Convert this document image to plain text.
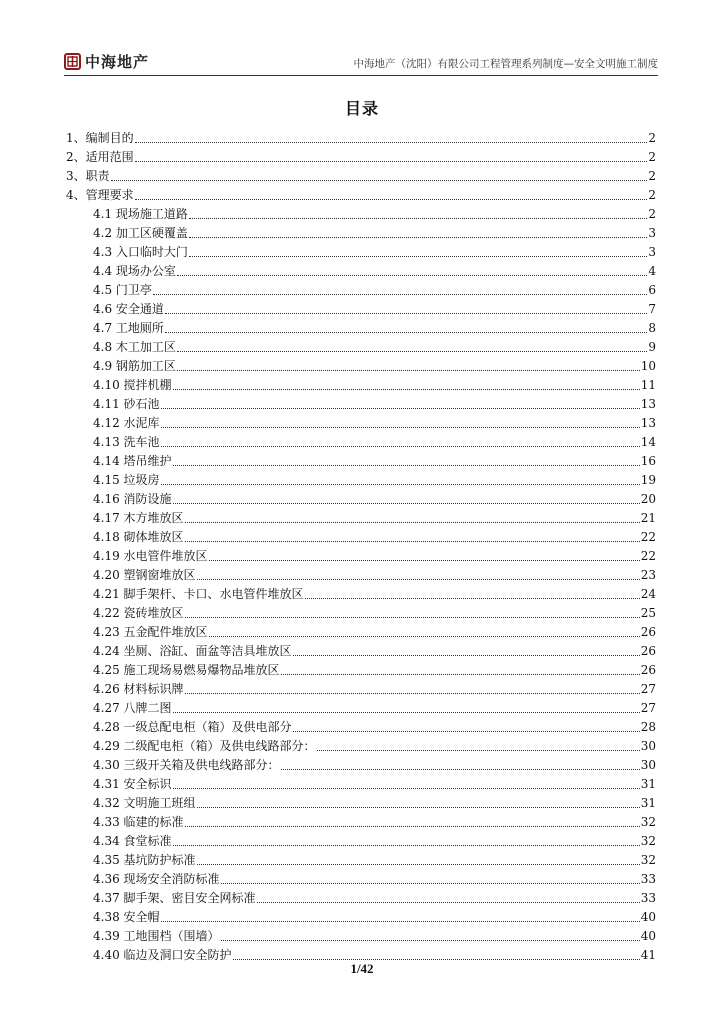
中海地产	中海地产（沈阳）有限公司工程管理系列制度—安全文明施工制度
目录
1、编制目的	2
2、适用范围	2
3、职责	2
4、管理要求	2
4.1 现场施工道路	2
4.2 加工区硬覆盖	3
4.3 入口临时大门	3
4.4 现场办公室	4
4.5 门卫亭	6
4.6 安全通道	7
4.7 工地厕所	8
4.8 木工加工区	9
4.9 钢筋加工区	10
4.10 搅拌机棚	11
4.11 砂石池	13
4.12 水泥库	13
4.13 洗车池	14
4.14 塔吊维护	16
4.15 垃圾房	19
4.16 消防设施	20
4.17 木方堆放区	21
4.18 砌体堆放区	22
4.19 水电管件堆放区	22
4.20 塑钢窗堆放区	23
4.21 脚手架杆、卡口、水电管件堆放区	24
4.22 瓷砖堆放区	25
4.23 五金配件堆放区	26
4.24 坐厕、浴缸、面盆等洁具堆放区	26
4.25 施工现场易燃易爆物品堆放区	26
4.26 材料标识牌	27
4.27 八牌二图	27
4.28 一级总配电柜（箱）及供电部分	28
4.29 二级配电柜（箱）及供电线路部分：	30
4.30 三级开关箱及供电线路部分：	30
4.31 安全标识	31
4.32 文明施工班组	31
4.33 临建的标准	32
4.34 食堂标准	32
4.35 基坑防护标准	32
4.36 现场安全消防标准	33
4.37 脚手架、密目安全网标准	33
4.38 安全帽	40
4.39 工地围档（围墙）	40
4.40 临边及洞口安全防护	41
1/42
